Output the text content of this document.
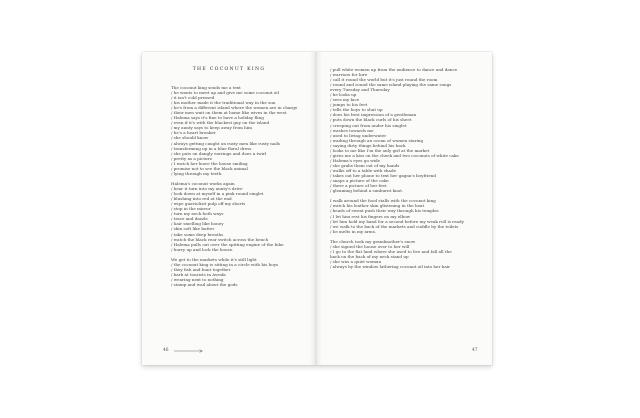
THE COCONUT KING
The coconut king sends me a text
/ he wants to meet up and give me some coconut oil
/ it isn't cold pressed
/ his mother made it the traditional way in the sun
/ he's from a different island where the women are in charge
/ their men wait on them at home like wives in the west
/ Halema says it's fine to have a holiday fling
/ even if it's with the blackest guy on the island
/ my aunty says to keep away from him
/ he's a heart breaker
/ she should know
/ always getting caught on rusty men like rusty nails
/ transforming up in a blue floral dress
/ she puts on dangly earrings and does a twirl
/ pretty as a picture
/ I watch her leave the house smiling
/ promise not to see the black animal
/ lying through my teeth.
Halema's coconut works again
/ hear it turn into my aunty's drive
/ look down at myself in a pink round singlet
/ blushing into red at the end
/ wipe guaviolizit pulp off my shorts
/ stop in the mirror
/ turn my neck both ways
/ trace and dazzle
/ hair smelling like honey
/ skin soft like butter
/ take some deep breaths
/ watch the black rear switch across the bench
/ Halema pulls out over the spitting engine of the bike
/ hurry up and lock the house.
We get to the markets while it's still light
/ the coconut king is sitting in a circle with his boys
/ they fish and hunt together
/ bark at tourists in Avrafa
/ wearing next to nothing
/ stamp and wail about the gods
46
/ pull white women up from the audience to dance and dance
/ warriors for hire
/ call it round the world but it's just round the room
/ round and round the same island playing the same songs
every Tuesday and Thursday
/ he looks up
/ sees my face
/ jumps to his feet
/ tells the boys to shut up
/ does his best impression of a gentleman
/ puts down the black curls of his sheet
/ creeping out from under his singlet
/ washes towards me
/ used to living underwater
/ wading through an ocean of women staring
/ saying dirty things behind his back
/ looks to me like I'm the only girl at the market
/ gives me a kiss on the cheek and two coconuts of white cake
/ Halema's eyes go wide
/ she grabs them out of my hands
/ walks off to a table with shade
/ takes out her phone to text her gagnu's boyfriend
/ snaps a picture of the cake
/ there a picture of her feet
/ gleaming behind a sunburnt knot.
I walk around the food stalls with the coconut king
/ watch his leather skin glistening in the heat
/ beads of sweat push their way through his temples
/ I let him rest his fingers on my elbow
/ let him hold my hand for a second before my weak roll is ready
/ we walk to the back of the markets and cuddle by the toilets
/ he melts in my arms.
The church took my grandmother's snow
/ she signed the house over to her will
/ I go to the flat land where she used to live and fall all the
back on the back of my neck stand up
/ she was a quiet woman
/ always by the window lathering coconut oil into her hair
47
